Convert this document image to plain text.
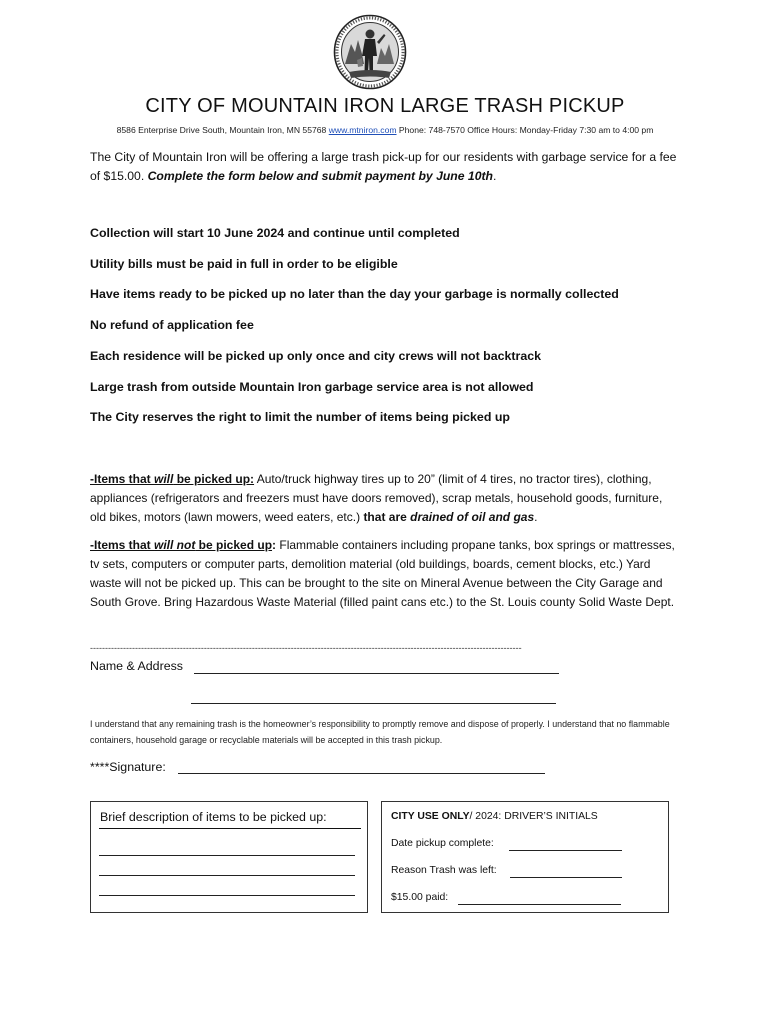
CITY OF MOUNTAIN IRON LARGE TRASH PICKUP
8586 Enterprise Drive South, Mountain Iron, MN 55768 www.mtniron.com Phone: 748-7570 Office Hours: Monday-Friday 7:30 am to 4:00 pm
The City of Mountain Iron will be offering a large trash pick-up for our residents with garbage service for a fee of $15.00. Complete the form below and submit payment by June 10th.
Collection will start 10 June 2024 and continue until completed
Utility bills must be paid in full in order to be eligible
Have items ready to be picked up no later than the day your garbage is normally collected
No refund of application fee
Each residence will be picked up only once and city crews will not backtrack
Large trash from outside Mountain Iron garbage service area is not allowed
The City reserves the right to limit the number of items being picked up
-Items that will be picked up: Auto/truck highway tires up to 20” (limit of 4 tires, no tractor tires), clothing, appliances (refrigerators and freezers must have doors removed), scrap metals, household goods, furniture, old bikes, motors (lawn mowers, weed eaters, etc.) that are drained of oil and gas.
-Items that will not be picked up: Flammable containers including propane tanks, box springs or mattresses, tv sets, computers or computer parts, demolition material (old buildings, boards, cement blocks, etc.) Yard waste will not be picked up. This can be brought to the site on Mineral Avenue between the City Garage and South Grove. Bring Hazardous Waste Material (filled paint cans etc.) to the St. Louis county Solid Waste Dept.
------------------------------------------------------------------------------------------------------------------------------------------------
Name & Address
I understand that any remaining trash is the homeowner’s responsibility to promptly remove and dispose of properly. I understand that no flammable containers, household garage or recyclable materials will be accepted in this trash pickup.
****Signature:
Brief description of items to be picked up:	CITY USE ONLY/ 2024: DRIVER’S INITIALS
Date pickup complete:
Reason Trash was left:
$15.00 paid:
